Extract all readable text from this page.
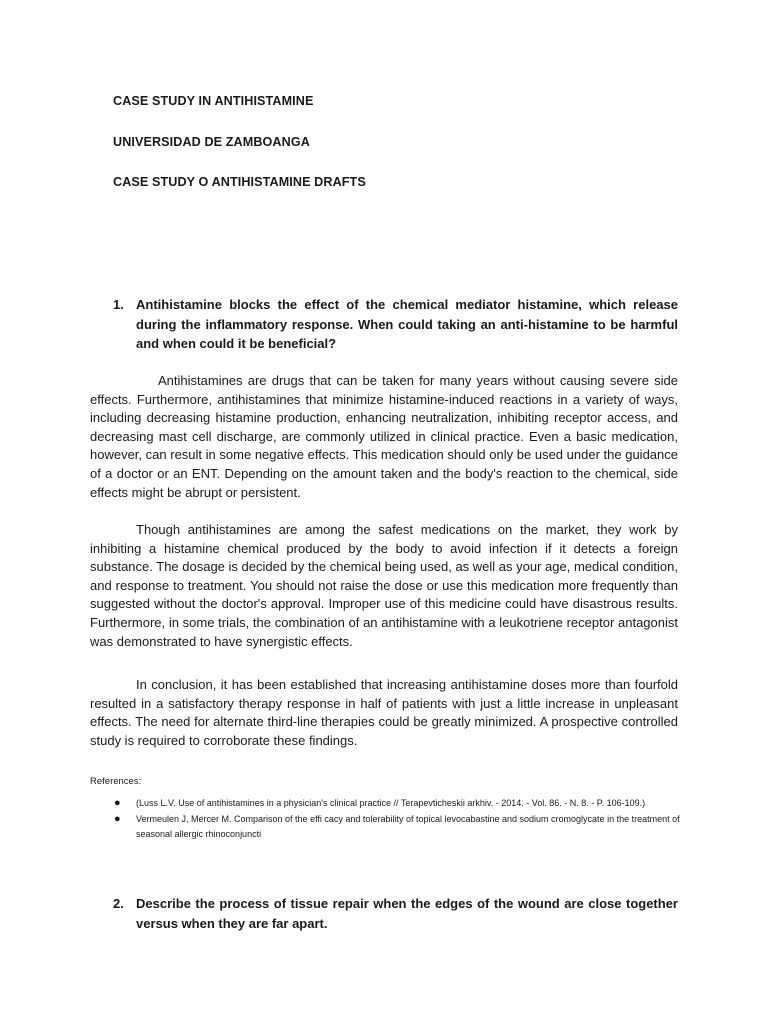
CASE STUDY IN ANTIHISTAMINE
UNIVERSIDAD DE ZAMBOANGA
CASE STUDY O ANTIHISTAMINE DRAFTS
1. Antihistamine blocks the effect of the chemical mediator histamine, which release during the inflammatory response. When could taking an anti-histamine to be harmful and when could it be beneficial?

Antihistamines are drugs that can be taken for many years without causing severe side effects. Furthermore, antihistamines that minimize histamine-induced reactions in a variety of ways, including decreasing histamine production, enhancing neutralization, inhibiting receptor access, and decreasing mast cell discharge, are commonly utilized in clinical practice. Even a basic medication, however, can result in some negative effects. This medication should only be used under the guidance of a doctor or an ENT. Depending on the amount taken and the body's reaction to the chemical, side effects might be abrupt or persistent.

Though antihistamines are among the safest medications on the market, they work by inhibiting a histamine chemical produced by the body to avoid infection if it detects a foreign substance. The dosage is decided by the chemical being used, as well as your age, medical condition, and response to treatment. You should not raise the dose or use this medication more frequently than suggested without the doctor's approval. Improper use of this medicine could have disastrous results. Furthermore, in some trials, the combination of an antihistamine with a leukotriene receptor antagonist was demonstrated to have synergistic effects.

In conclusion, it has been established that increasing antihistamine doses more than fourfold resulted in a satisfactory therapy response in half of patients with just a little increase in unpleasant effects. The need for alternate third-line therapies could be greatly minimized. A prospective controlled study is required to corroborate these findings.

References:
● (Luss L.V. Use of antihistamines in a physician's clinical practice // Terapevticheskii arkhiv. - 2014. - Vol. 86. - N. 8. - P. 106-109.)
● Vermeulen J, Mercer M. Comparison of the effi cacy and tolerability of topical levocabastine and sodium cromoglycate in the treatment of seasonal allergic rhinoconjuncti
2. Describe the process of tissue repair when the edges of the wound are close together versus when they are far apart.
